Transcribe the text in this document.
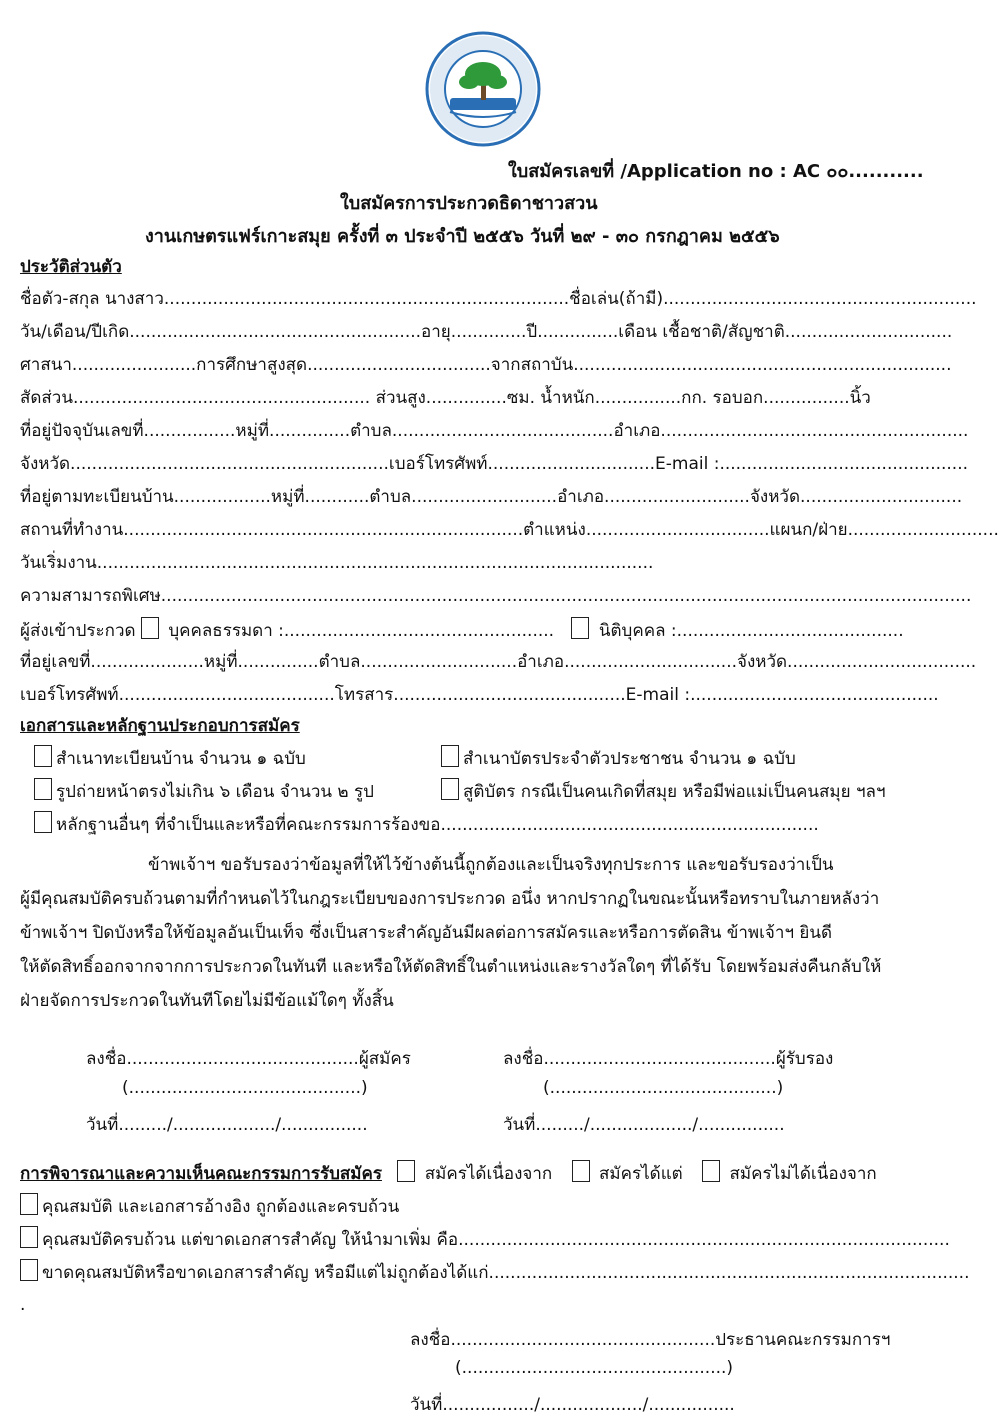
ใบสมัครเลขที่ /Application no : AC ๐๐...........
ใบสมัครการประกวดธิดาชาวสวน
งานเกษตรแฟร์เกาะสมุย ครั้งที่ ๓ ประจำปี ๒๕๕๖ วันที่ ๒๙ - ๓๐ กรกฎาคม ๒๕๕๖
ประวัติส่วนตัว
ชื่อตัว-สกุล นางสาว...........................................................................ชื่อเล่น(ถ้ามี)..........................................................
วัน/เดือน/ปีเกิด......................................................อายุ..............ปี...............เดือน เชื้อชาติ/สัญชาติ...............................
ศาสนา.......................การศึกษาสูงสุด..................................จากสถาบัน......................................................................
สัดส่วน....................................................... ส่วนสูง...............ซม. น้ำหนัก................กก. รอบอก................นิ้ว
ที่อยู่ปัจจุบันเลขที่.................หมู่ที่...............ตำบล.........................................อำเภอ.........................................................
จังหวัด...........................................................เบอร์โทรศัพท์...............................E-mail :..............................................
ที่อยู่ตามทะเบียนบ้าน..................หมู่ที่............ตำบล...........................อำเภอ...........................จังหวัด..............................
สถานที่ทำงาน..........................................................................ตำแหน่ง..................................แผนก/ฝ่าย............................
วันเริ่มงาน.......................................................................................................
ความสามารถพิเศษ......................................................................................................................................................
ผู้ส่งเข้าประกวด บุคคลธรรมดา :..................................................	นิติบุคคล :..........................................
ที่อยู่เลขที่.....................หมู่ที่...............ตำบล.............................อำเภอ................................จังหวัด...................................
เบอร์โทรศัพท์........................................โทรสาร...........................................E-mail :..............................................
เอกสารและหลักฐานประกอบการสมัคร
สำเนาทะเบียนบ้าน จำนวน ๑ ฉบับ	สำเนาบัตรประจำตัวประชาชน จำนวน ๑ ฉบับ
รูปถ่ายหน้าตรงไม่เกิน ๖ เดือน จำนวน ๒ รูป	สูติบัตร กรณีเป็นคนเกิดที่สมุย หรือมีพ่อแม่เป็นคนสมุย ฯลฯ
หลักฐานอื่นๆ ที่จำเป็นและหรือที่คณะกรรมการร้องขอ......................................................................

ข้าพเจ้าฯ ขอรับรองว่าข้อมูลที่ให้ไว้ข้างต้นนี้ถูกต้องและเป็นจริงทุกประการ และขอรับรองว่าเป็น

ผู้มีคุณสมบัติครบถ้วนตามที่กำหนดไว้ในกฎระเบียบของการประกวด อนึ่ง หากปรากฏในขณะนั้นหรือทราบในภายหลังว่า

ข้าพเจ้าฯ ปิดบังหรือให้ข้อมูลอันเป็นเท็จ ซึ่งเป็นสาระสำคัญอันมีผลต่อการสมัครและหรือการตัดสิน ข้าพเจ้าฯ ยินดี

ให้ตัดสิทธิ์ออกจากจากการประกวดในทันที และหรือให้ตัดสิทธิ์ในตำแหน่งและรางวัลใดๆ ที่ได้รับ โดยพร้อมส่งคืนกลับให้

ฝ่ายจัดการประกวดในทันทีโดยไม่มีข้อแม้ใดๆ ทั้งสิ้น

ลงชื่อ...........................................ผู้สมัคร
(...........................................)
วันที่........./.................../................
ลงชื่อ...........................................ผู้รับรอง
(..........................................)
วันที่........./.................../................
การพิจารณาและความเห็นคณะกรรมการรับสมัคร	สมัครได้เนื่องจาก	สมัครได้แต่	สมัครไม่ได้เนื่องจาก
คุณสมบัติ และเอกสารอ้างอิง ถูกต้องและครบถ้วน
คุณสมบัติครบถ้วน แต่ขาดเอกสารสำคัญ ให้นำมาเพิ่ม คือ...........................................................................................
ขาดคุณสมบัติหรือขาดเอกสารสำคัญ หรือมีแต่ไม่ถูกต้องได้แก่.........................................................................................
.
ลงชื่อ.................................................ประธานคณะกรรมการฯ
(.................................................)
วันที่................./.................../................
